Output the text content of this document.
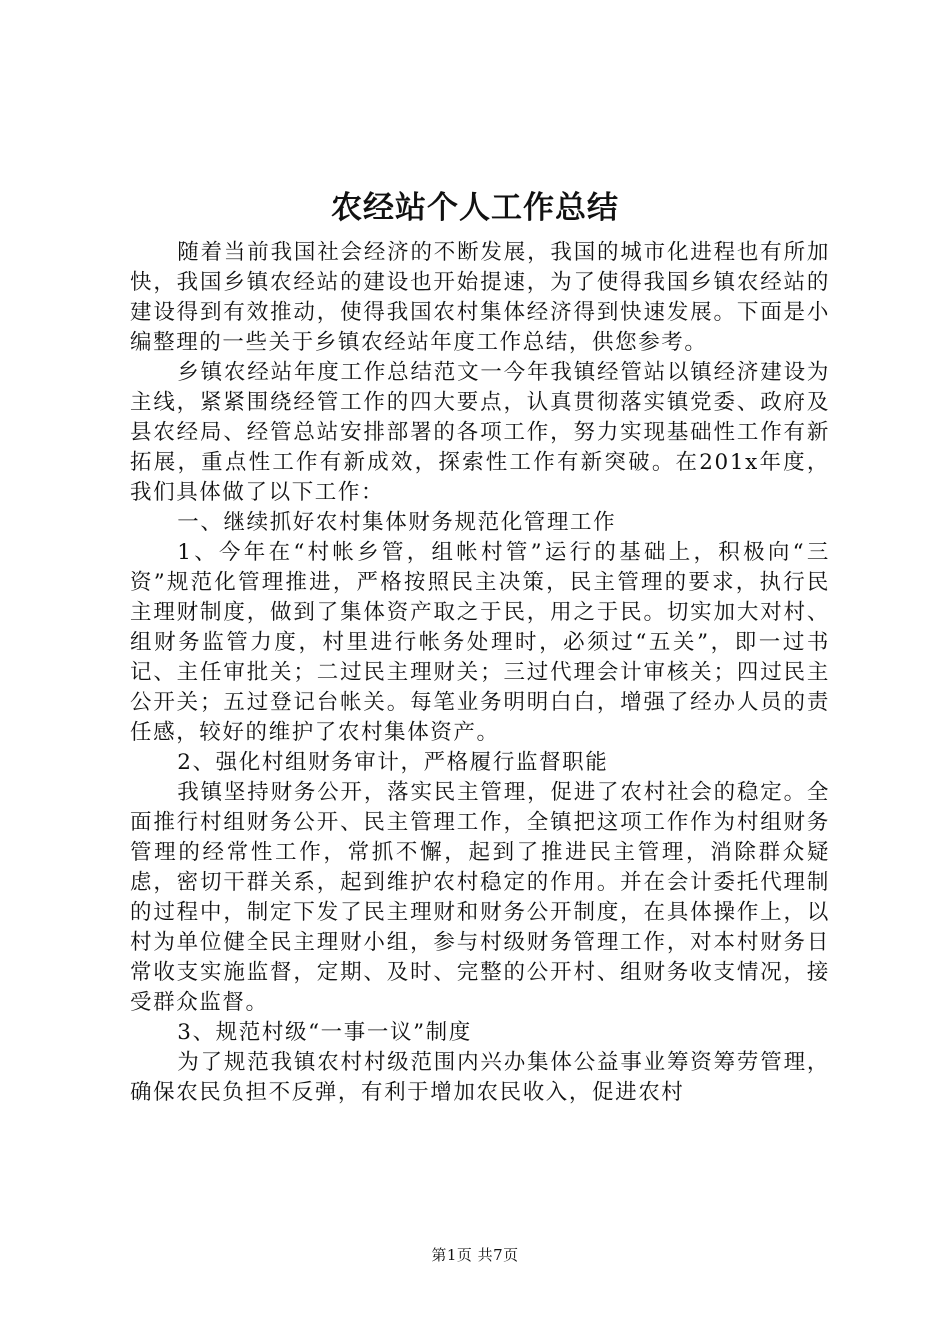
农经站个人工作总结

随着当前我国社会经济的不断发展，我国的城市化进程也有所加快，我国乡镇农经站的建设也开始提速，为了使得我国乡镇农经站的建设得到有效推动，使得我国农村集体经济得到快速发展。下面是小编整理的一些关于乡镇农经站年度工作总结，供您参考。

乡镇农经站年度工作总结范文一今年我镇经管站以镇经济建设为主线，紧紧围绕经管工作的四大要点，认真贯彻落实镇党委、政府及县农经局、经管总站安排部署的各项工作，努力实现基础性工作有新拓展，重点性工作有新成效，探索性工作有新突破。在201x年度，我们具体做了以下工作：

一、继续抓好农村集体财务规范化管理工作

1、今年在“村帐乡管，组帐村管”运行的基础上，积极向“三资”规范化管理推进，严格按照民主决策，民主管理的要求，执行民主理财制度，做到了集体资产取之于民，用之于民。切实加大对村、组财务监管力度，村里进行帐务处理时，必须过“五关”，即一过书记、主任审批关；二过民主理财关；三过代理会计审核关；四过民主公开关；五过登记台帐关。每笔业务明明白白，增强了经办人员的责任感，较好的维护了农村集体资产。

2、强化村组财务审计，严格履行监督职能

我镇坚持财务公开，落实民主管理，促进了农村社会的稳定。全面推行村组财务公开、民主管理工作，全镇把这项工作作为村组财务管理的经常性工作，常抓不懈，起到了推进民主管理，消除群众疑虑，密切干群关系，起到维护农村稳定的作用。并在会计委托代理制的过程中，制定下发了民主理财和财务公开制度，在具体操作上，以村为单位健全民主理财小组，参与村级财务管理工作，对本村财务日常收支实施监督，定期、及时、完整的公开村、组财务收支情况，接受群众监督。

3、规范村级“一事一议”制度

为了规范我镇农村村级范围内兴办集体公益事业筹资筹劳管理，确保农民负担不反弹，有利于增加农民收入，促进农村

第1页 共7页
